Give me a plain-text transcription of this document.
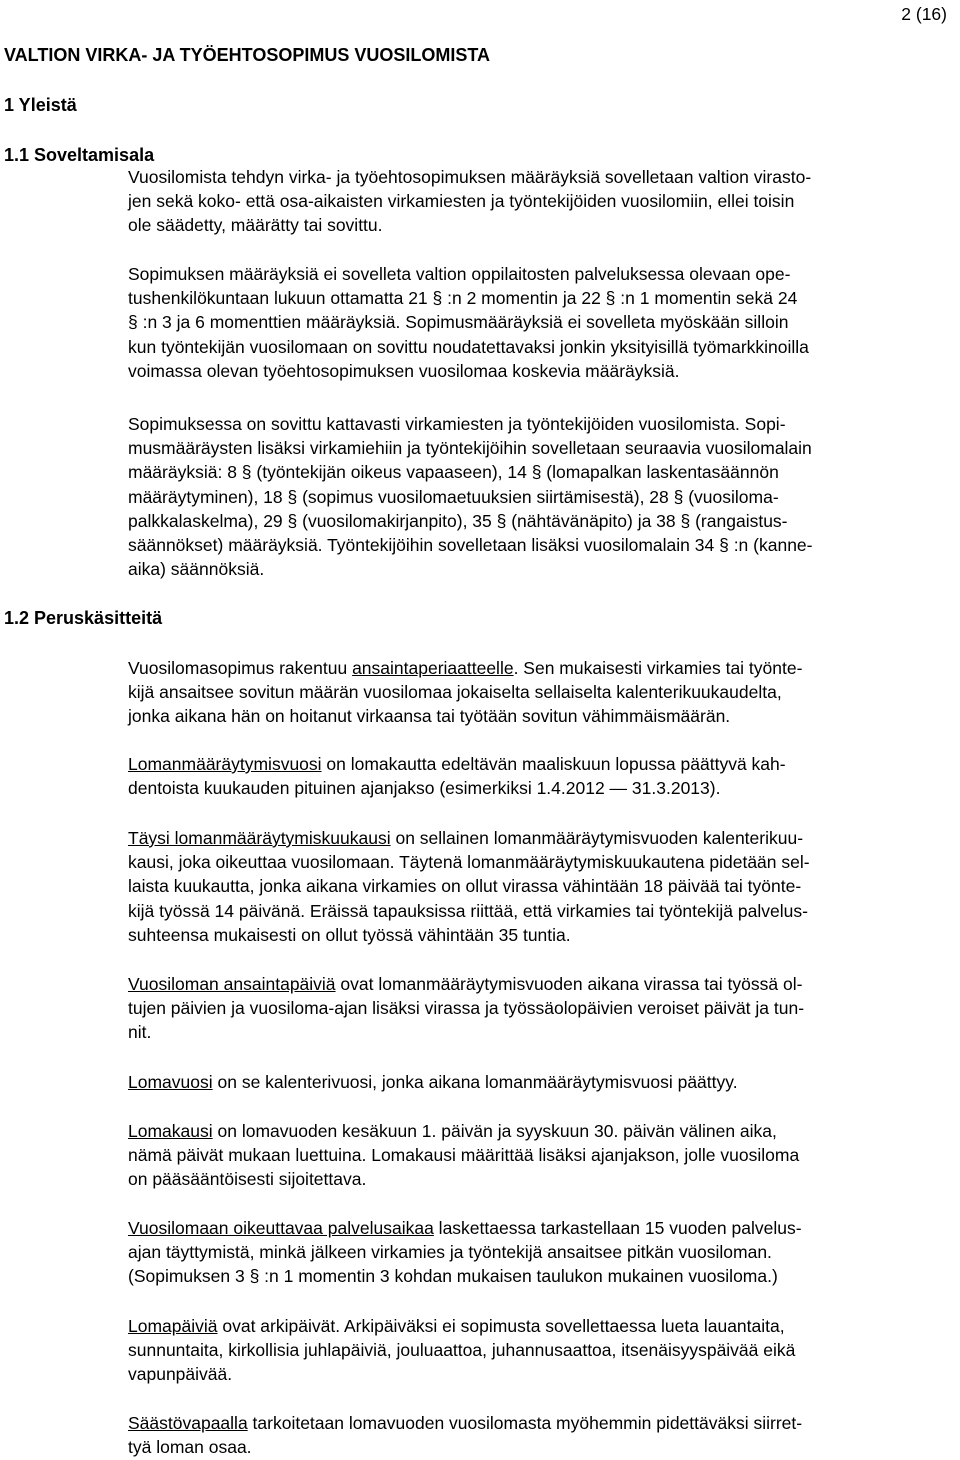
2 (16)
VALTION VIRKA- JA TYÖEHTOSOPIMUS VUOSILOMISTA
1 Yleistä
1.1 Soveltamisala
Vuosilomista tehdyn virka- ja työehtosopimuksen määräyksiä sovelletaan valtion virasto-
jen sekä koko- että osa-aikaisten virkamiesten ja työntekijöiden vuosilomiin, ellei toisin
ole säädetty, määrätty tai sovittu.
Sopimuksen määräyksiä ei sovelleta valtion oppilaitosten palveluksessa olevaan ope-
tushenkilökuntaan lukuun ottamatta 21 § :n 2 momentin ja 22 § :n 1 momentin sekä 24
§ :n 3 ja 6 momenttien määräyksiä. Sopimusmääräyksiä ei sovelleta myöskään silloin
kun työntekijän vuosilomaan on sovittu noudatettavaksi jonkin yksityisillä työmarkkinoilla
voimassa olevan työehtosopimuksen vuosilomaa koskevia määräyksiä.
Sopimuksessa on sovittu kattavasti virkamiesten ja työntekijöiden vuosilomista. Sopi-
musmääräysten lisäksi virkamiehiin ja työntekijöihin sovelletaan seuraavia vuosilomalain
määräyksiä: 8 § (työntekijän oikeus vapaaseen), 14 § (lomapalkan laskentasäännön
määräytyminen), 18 § (sopimus vuosilomaetuuksien siirtämisestä), 28 § (vuosiloma-
palkkalaskelma), 29 § (vuosilomakirjanpito), 35 § (nähtävänäpito) ja 38 § (rangaistus-
säännökset) määräyksiä. Työntekijöihin sovelletaan lisäksi vuosilomalain 34 § :n (kanne-
aika) säännöksiä.
1.2 Peruskäsitteitä
Vuosilomasopimus rakentuu ansaintaperiaatteelle. Sen mukaisesti virkamies tai työnte-
kijä ansaitsee sovitun määrän vuosilomaa jokaiselta sellaiselta kalenterikuukaudelta,
jonka aikana hän on hoitanut virkaansa tai työtään sovitun vähimmäismäärän.
Lomanmääräytymisvuosi on lomakautta edeltävän maaliskuun lopussa päättyvä kah-
dentoista kuukauden pituinen ajanjakso (esimerkiksi 1.4.2012 — 31.3.2013).
Täysi lomanmääräytymiskuukausi on sellainen lomanmääräytymisvuoden kalenterikuu-
kausi, joka oikeuttaa vuosilomaan. Täytenä lomanmääräytymiskuukautena pidetään sel-
laista kuukautta, jonka aikana virkamies on ollut virassa vähintään 18 päivää tai työnte-
kijä työssä 14 päivänä. Eräissä tapauksissa riittää, että virkamies tai työntekijä palvelus-
suhteensa mukaisesti on ollut työssä vähintään 35 tuntia.
Vuosiloman ansaintapäiviä ovat lomanmääräytymisvuoden aikana virassa tai työssä ol-
tujen päivien ja vuosiloma-ajan lisäksi virassa ja työssäolopäivien veroiset päivät ja tun-
nit.
Lomavuosi on se kalenterivuosi, jonka aikana lomanmääräytymisvuosi päättyy.
Lomakausi on lomavuoden kesäkuun 1. päivän ja syyskuun 30. päivän välinen aika,
nämä päivät mukaan luettuina. Lomakausi määrittää lisäksi ajanjakson, jolle vuosiloma
on pääsääntöisesti sijoitettava.
Vuosilomaan oikeuttavaa palvelusaikaa laskettaessa tarkastellaan 15 vuoden palvelus-
ajan täyttymistä, minkä jälkeen virkamies ja työntekijä ansaitsee pitkän vuosiloman.
(Sopimuksen 3 § :n 1 momentin 3 kohdan mukaisen taulukon mukainen vuosiloma.)
Lomapäiviä ovat arkipäivät. Arkipäiväksi ei sopimusta sovellettaessa lueta lauantaita,
sunnuntaita, kirkollisia juhlapäiviä, jouluaattoa, juhannusaattoa, itsenäisyyspäivää eikä
vapunpäivää.
Säästövapaalla tarkoitetaan lomavuoden vuosilomasta myöhemmin pidettäväksi siirret-
tyä loman osaa.
